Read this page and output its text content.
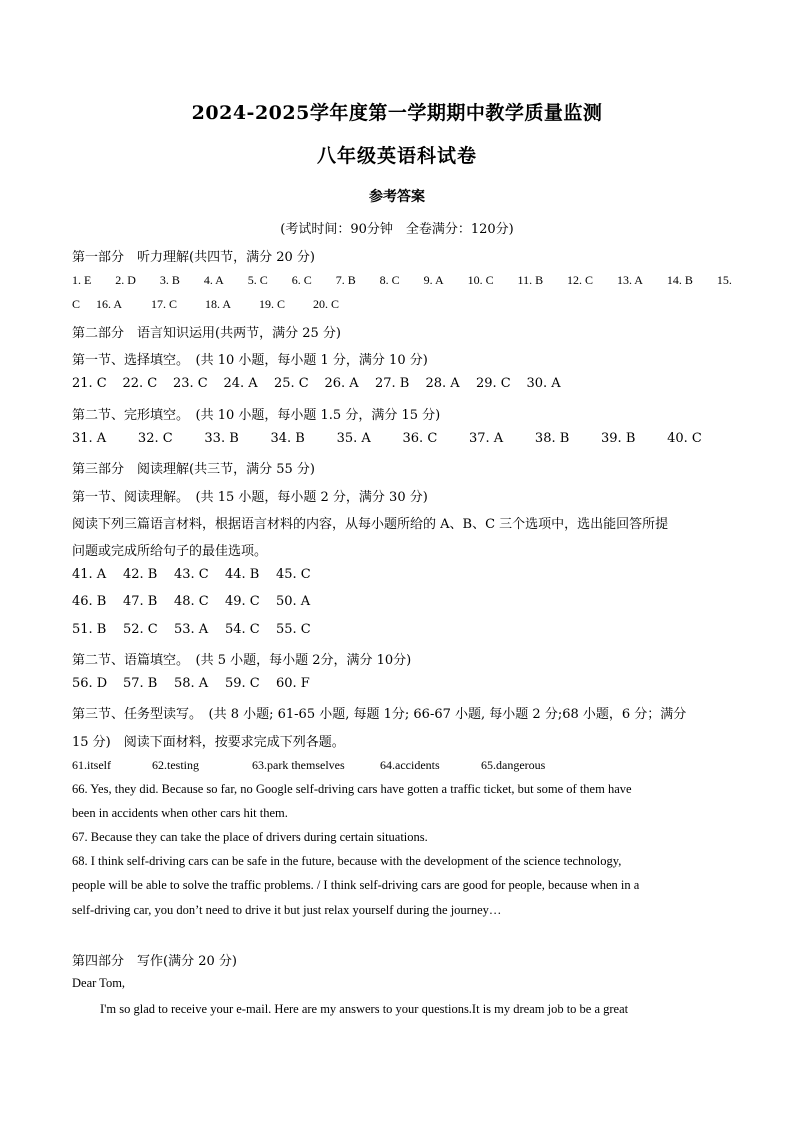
2024-2025学年度第一学期期中教学质量监测
八年级英语科试卷
参考答案
(考试时间：90分钟　全卷满分：120分)
第一部分　听力理解(共四节，满分 20 分)
1. E 2. D 3. B 4. A 5. C 6. C 7. B 8. C 9. A 10. C 11. B 12. C 13. A 14. B 15.
C 16. A 17. C 18. A 19. C 20. C
第二部分　语言知识运用(共两节，满分 25 分)
第一节、选择填空。　(共 10 小题，每小题 1 分，满分 10 分)
21. C 22. C 23. C 24. A 25. C 26. A 27. B 28. A 29. C 30. A
第二节、完形填空。　(共 10 小题，每小题 1.5 分，满分 15 分)
31. A 32. C 33. B 34. B 35. A 36. C 37. A 38. B 39. B 40. C
第三部分　阅读理解(共三节，满分 55 分)
第一节、阅读理解。　(共 15 小题，每小题 2 分，满分 30 分)
阅读下列三篇语言材料，根据语言材料的内容，从每小题所给的 A、B、C 三个选项中，选出能回答所提
问题或完成所给句子的最佳选项。
41. A 42. B 43. C 44. B 45. C
46. B 47. B 48. C 49. C 50. A
51. B 52. C 53. A 54. C 55. C
第二节、语篇填空。　(共 5 小题，每小题 2分，满分 10分)
56. D 57. B 58. A 59. C 60. F
第三节、任务型读写。　(共 8 小题; 61-65 小题, 每题 1分; 66-67 小题, 每小题 2 分;68 小题，6 分；满分
15 分)　阅读下面材料，按要求完成下列各题。
61.itself	62.testing	63.park themselves	64.accidents	65.dangerous
66. Yes, they did. Because so far, no Google self-driving cars have gotten a traffic ticket, but some of them have
been in accidents when other cars hit them.
67. Because they can take the place of drivers during certain situations.
68. I think self-driving cars can be safe in the future, because with the development of the science technology,
people will be able to solve the traffic problems. / I think self-driving cars are good for people, because when in a
self-driving car, you don’t need to drive it but just relax yourself during the journey…
第四部分　写作(满分 20 分)
Dear Tom,
I'm so glad to receive your e-mail. Here are my answers to your questions.It is my dream job to be a great
